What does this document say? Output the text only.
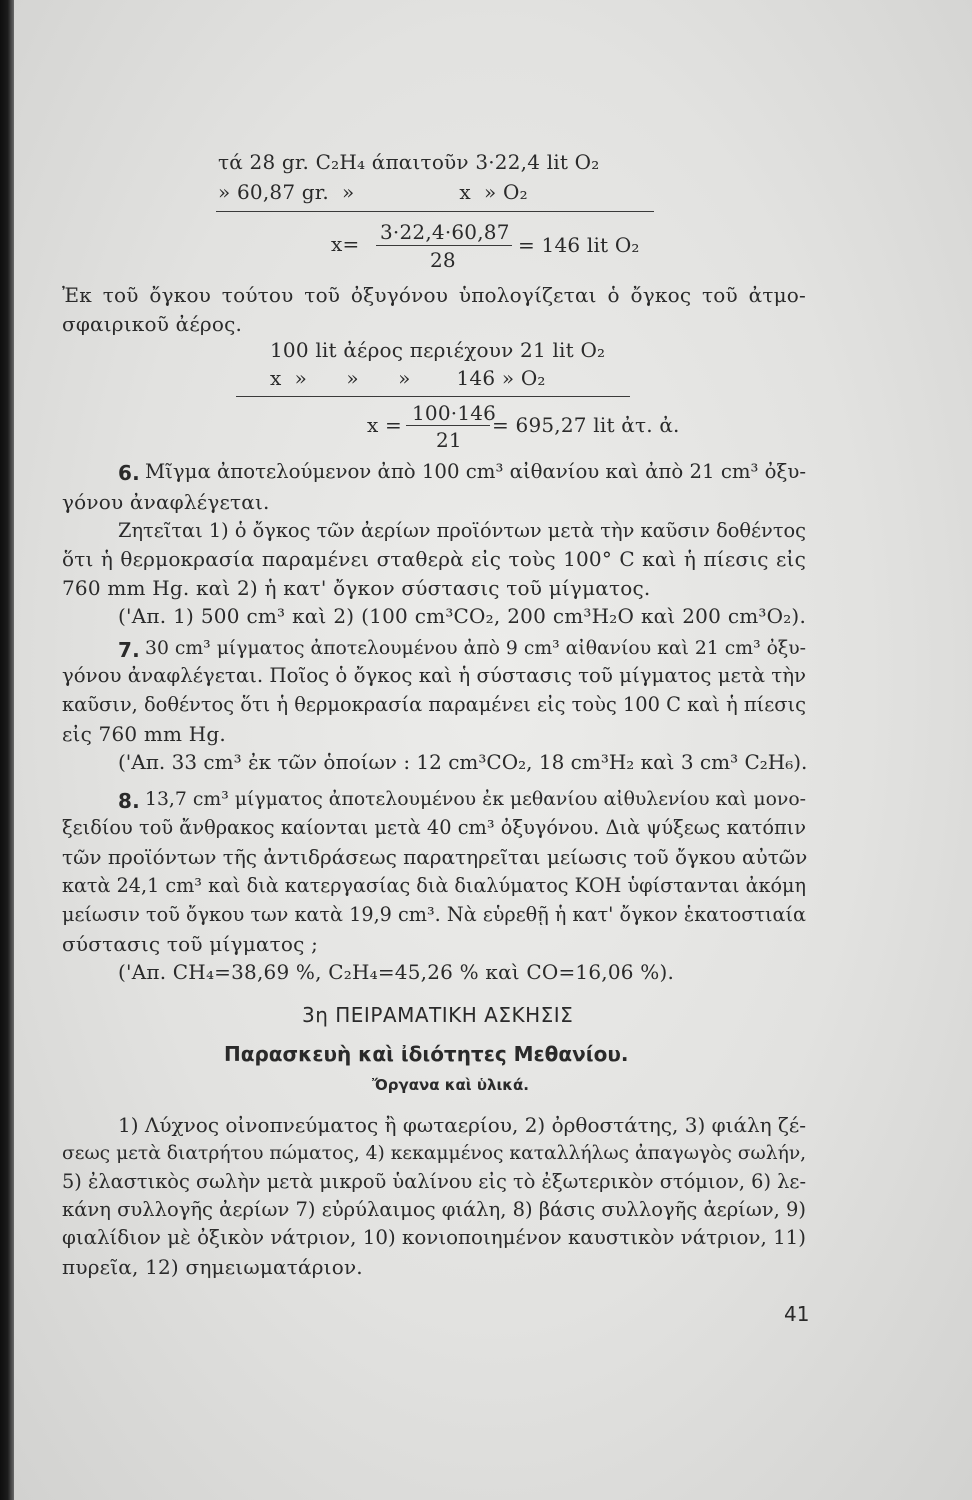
τά 28 gr. C₂H₄ άπαιτοῦν 3·22,4 lit O₂
» 60,87 gr.  »                x  » O₂
x= 3·22,4·60,87
28
= 146 lit O₂
Ἐκ τοῦ ὄγκου τούτου τοῦ ὀξυγόνου ὑπολογίζεται ὁ ὄγκος τοῦ ἀτμο-
σφαιρικοῦ ἀέρος.
100 lit ἀέρος περιέχουν 21 lit O₂
x  »      »      »       146 » O₂
x = 100·146
21
= 695,27 lit ἀτ. ἀ.
6. Μῖγμα ἀποτελούμενον ἀπὸ 100 cm³ αἰθανίου καὶ ἀπὸ 21 cm³ ὀξυ-
γόνου ἀναφλέγεται.
Ζητεῖται 1) ὁ ὄγκος τῶν ἀερίων προϊόντων μετὰ τὴν καῦσιν δοθέντος
ὅτι ἡ θερμοκρασία παραμένει σταθερὰ εἰς τοὺς 100° C καὶ ἡ πίεσις εἰς
760 mm Hg. καὶ 2) ἡ κατ' ὄγκον σύστασις τοῦ μίγματος.
('Απ. 1) 500 cm³ καὶ 2) (100 cm³CO₂, 200 cm³H₂O καὶ 200 cm³O₂).
7. 30 cm³ μίγματος ἀποτελουμένου ἀπὸ 9 cm³ αἰθανίου καὶ 21 cm³ ὀξυ-
γόνου ἀναφλέγεται. Ποῖος ὁ ὄγκος καὶ ἡ σύστασις τοῦ μίγματος μετὰ τὴν
καῦσιν, δοθέντος ὅτι ἡ θερμοκρασία παραμένει εἰς τοὺς 100 C καὶ ἡ πίεσις
εἰς 760 mm Hg.
('Απ. 33 cm³ ἐκ τῶν ὁποίων : 12 cm³CO₂, 18 cm³H₂ καὶ 3 cm³ C₂H₆).
8. 13,7 cm³ μίγματος ἀποτελουμένου ἐκ μεθανίου αἰθυλενίου καὶ μονο-
ξειδίου τοῦ ἄνθρακος καίονται μετὰ 40 cm³ ὀξυγόνου. Διὰ ψύξεως κατόπιν
τῶν προϊόντων τῆς ἀντιδράσεως παρατηρεῖται μείωσις τοῦ ὄγκου αὐτῶν
κατὰ 24,1 cm³ καὶ διὰ κατεργασίας διὰ διαλύματος ΚΟΗ ὑφίστανται ἀκόμη
μείωσιν τοῦ ὄγκου των κατὰ 19,9 cm³. Νὰ εὑρεθῇ ἡ κατ' ὄγκον ἑκατοστιαία
σύστασις τοῦ μίγματος ;
('Απ. CH₄=38,69 %, C₂H₄=45,26 % καὶ CO=16,06 %).
3η ΠΕΙΡΑΜΑΤΙΚΗ ΑΣΚΗΣΙΣ
Παρασκευὴ καὶ ἰδιότητες Μεθανίου.
Ὄργανα καὶ ὑλικά.
1) Λύχνος οἰνοπνεύματος ἢ φωταερίου, 2) ὀρθοστάτης, 3) φιάλη ζέ-
σεως μετὰ διατρήτου πώματος, 4) κεκαμμένος καταλλήλως ἀπαγωγὸς σωλήν,
5) ἐλαστικὸς σωλὴν μετὰ μικροῦ ὑαλίνου εἰς τὸ ἐξωτερικὸν στόμιον, 6) λε-
κάνη συλλογῆς ἀερίων 7) εὐρύλαιμος φιάλη, 8) βάσις συλλογῆς ἀερίων, 9)
φιαλίδιον μὲ ὀξικὸν νάτριον, 10) κονιοποιημένον καυστικὸν νάτριον, 11)
πυρεῖα, 12) σημειωματάριον.
41
